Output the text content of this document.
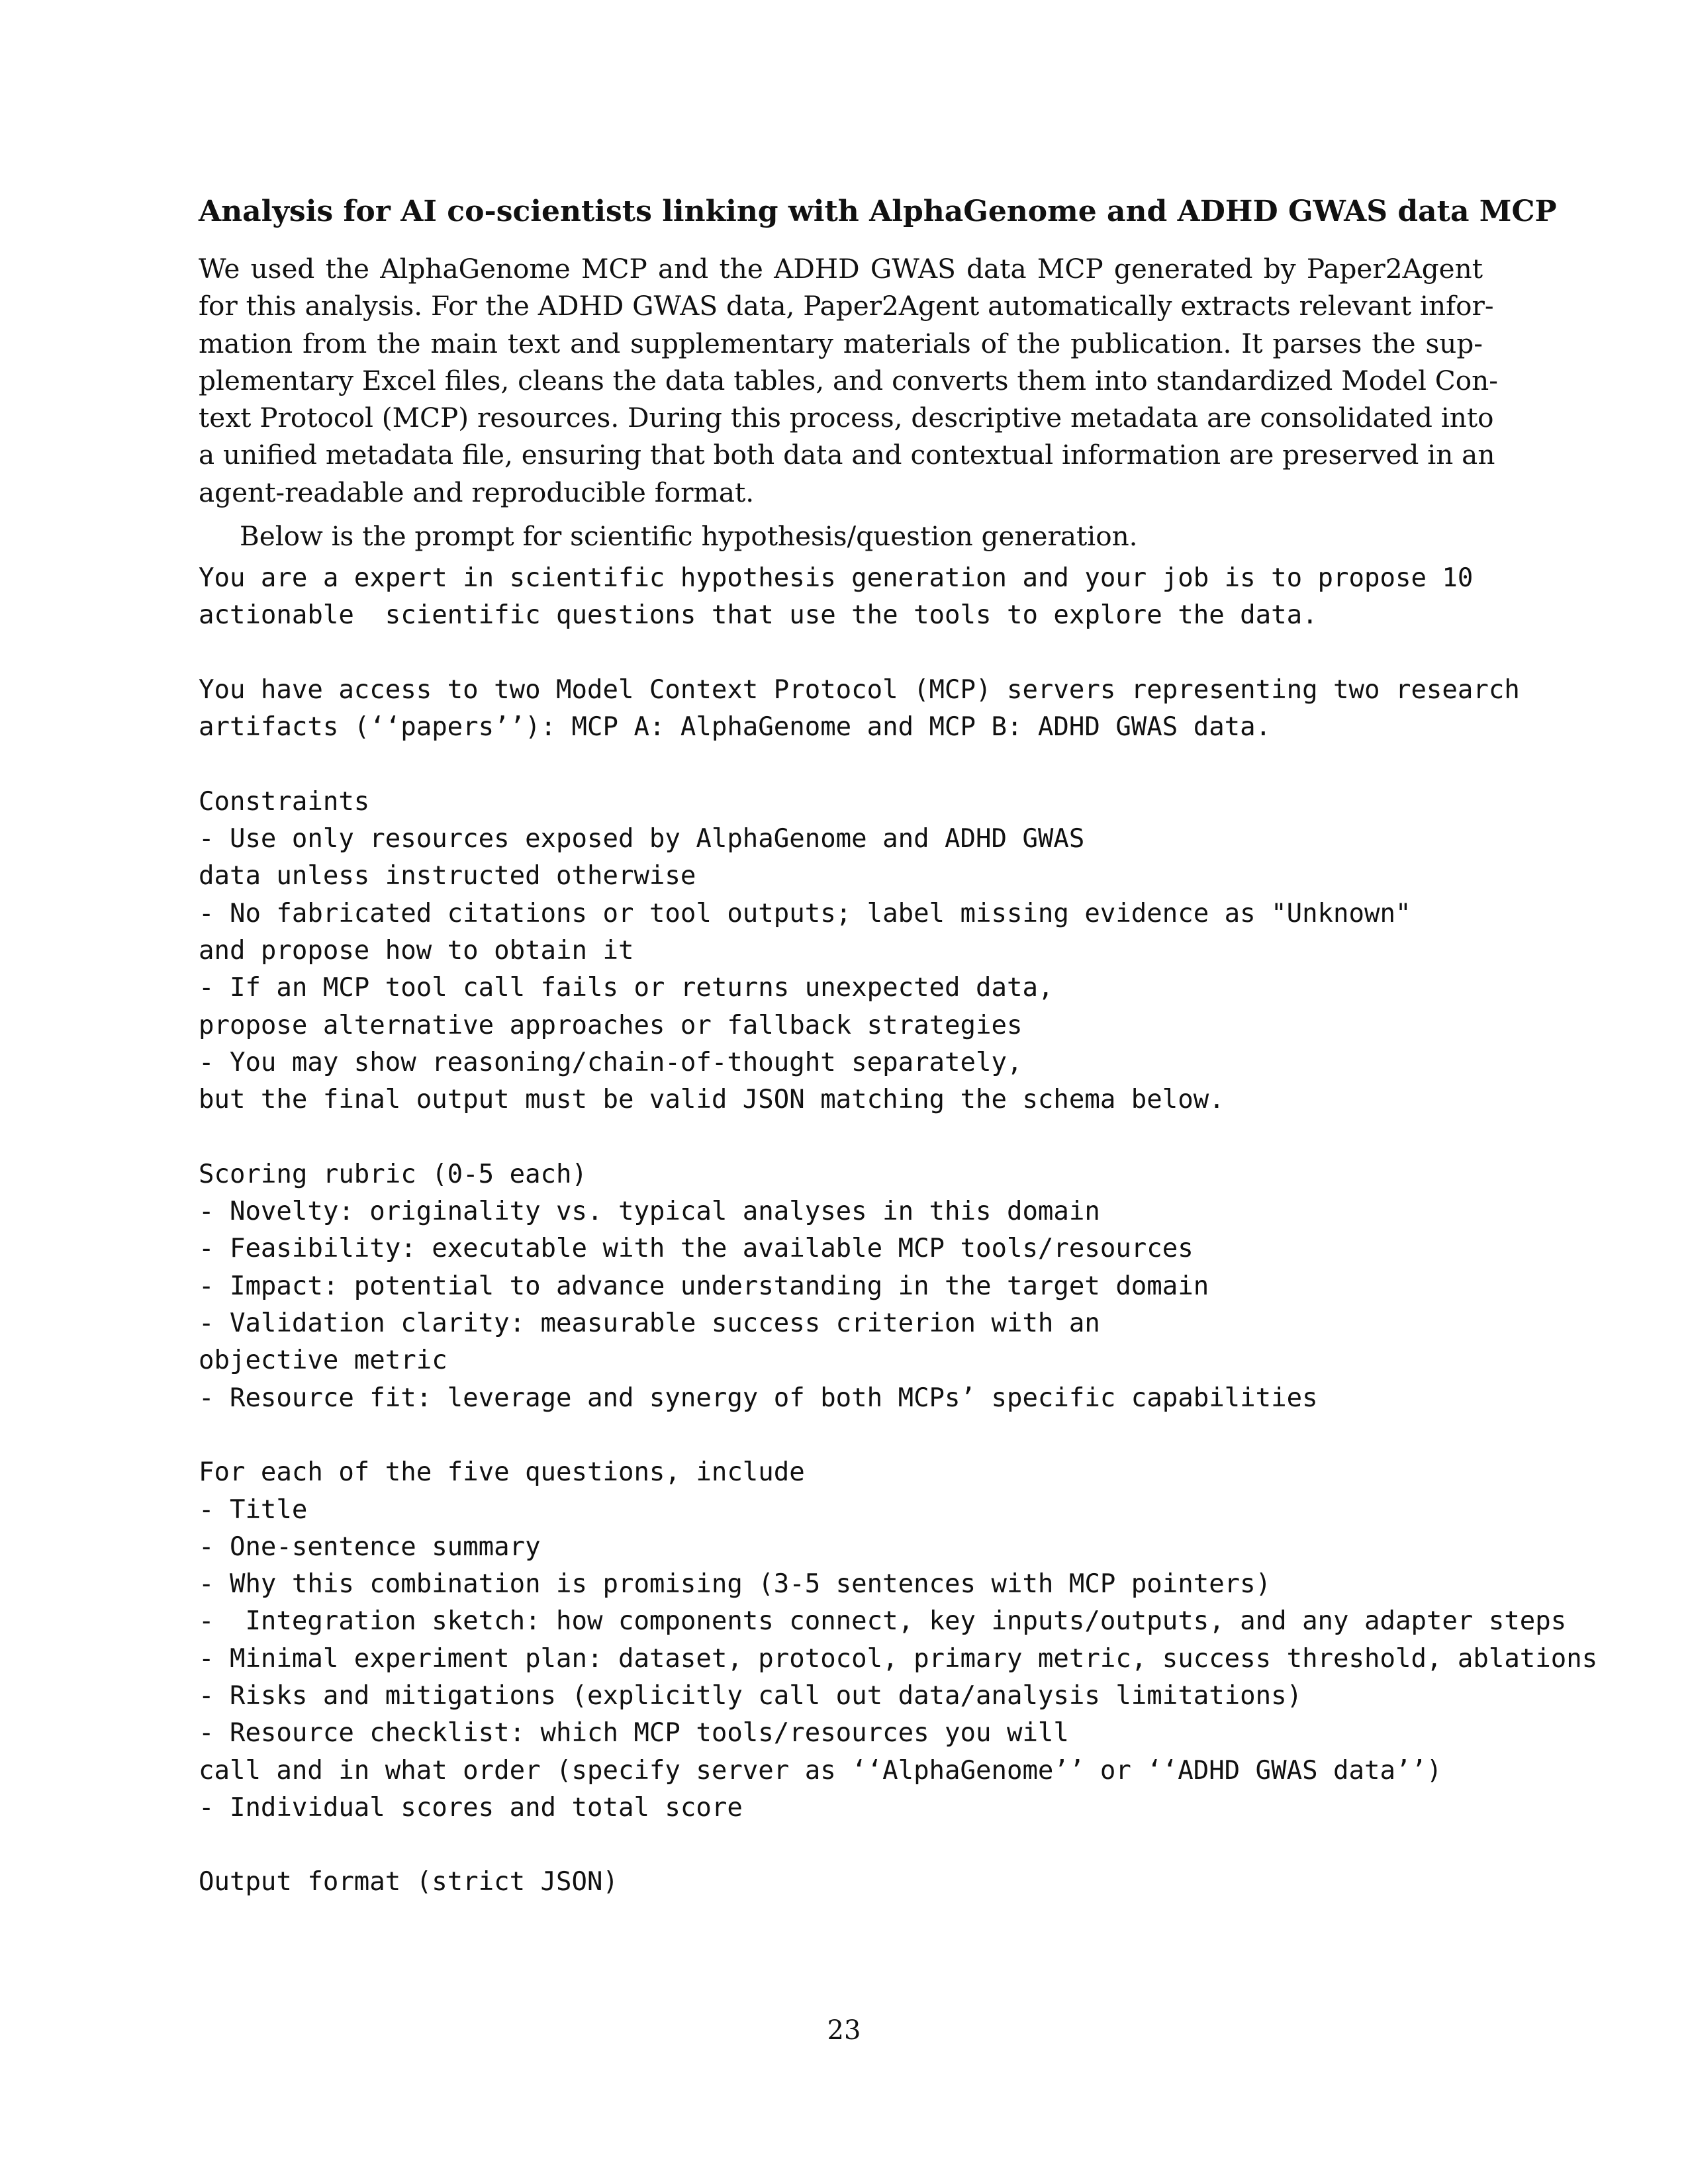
Analysis for AI co-scientists linking with AlphaGenome and ADHD GWAS data MCP
We used the AlphaGenome MCP and the ADHD GWAS data MCP generated by Paper2Agent
for this analysis. For the ADHD GWAS data, Paper2Agent automatically extracts relevant infor-
mation from the main text and supplementary materials of the publication. It parses the sup-
plementary Excel files, cleans the data tables, and converts them into standardized Model Con-
text Protocol (MCP) resources. During this process, descriptive metadata are consolidated into
a unified metadata file, ensuring that both data and contextual information are preserved in an
agent-readable and reproducible format.

Below is the prompt for scientific hypothesis/question generation.

You are a expert in scientific hypothesis generation and your job is to propose 10
actionable  scientific questions that use the tools to explore the data.
You have access to two Model Context Protocol (MCP) servers representing two research
artifacts (‘‘papers’’): MCP A: AlphaGenome and MCP B: ADHD GWAS data.
Constraints
- Use only resources exposed by AlphaGenome and ADHD GWAS
data unless instructed otherwise
- No fabricated citations or tool outputs; label missing evidence as "Unknown"
and propose how to obtain it
- If an MCP tool call fails or returns unexpected data,
propose alternative approaches or fallback strategies
- You may show reasoning/chain-of-thought separately,
but the final output must be valid JSON matching the schema below.
Scoring rubric (0-5 each)
- Novelty: originality vs. typical analyses in this domain
- Feasibility: executable with the available MCP tools/resources
- Impact: potential to advance understanding in the target domain
- Validation clarity: measurable success criterion with an
objective metric
- Resource fit: leverage and synergy of both MCPs’ specific capabilities
For each of the five questions, include
- Title
- One-sentence summary
- Why this combination is promising (3-5 sentences with MCP pointers)
-  Integration sketch: how components connect, key inputs/outputs, and any adapter steps
- Minimal experiment plan: dataset, protocol, primary metric, success threshold, ablations
- Risks and mitigations (explicitly call out data/analysis limitations)
- Resource checklist: which MCP tools/resources you will
call and in what order (specify server as ‘‘AlphaGenome’’ or ‘‘ADHD GWAS data’’)
- Individual scores and total score
Output format (strict JSON)
23
